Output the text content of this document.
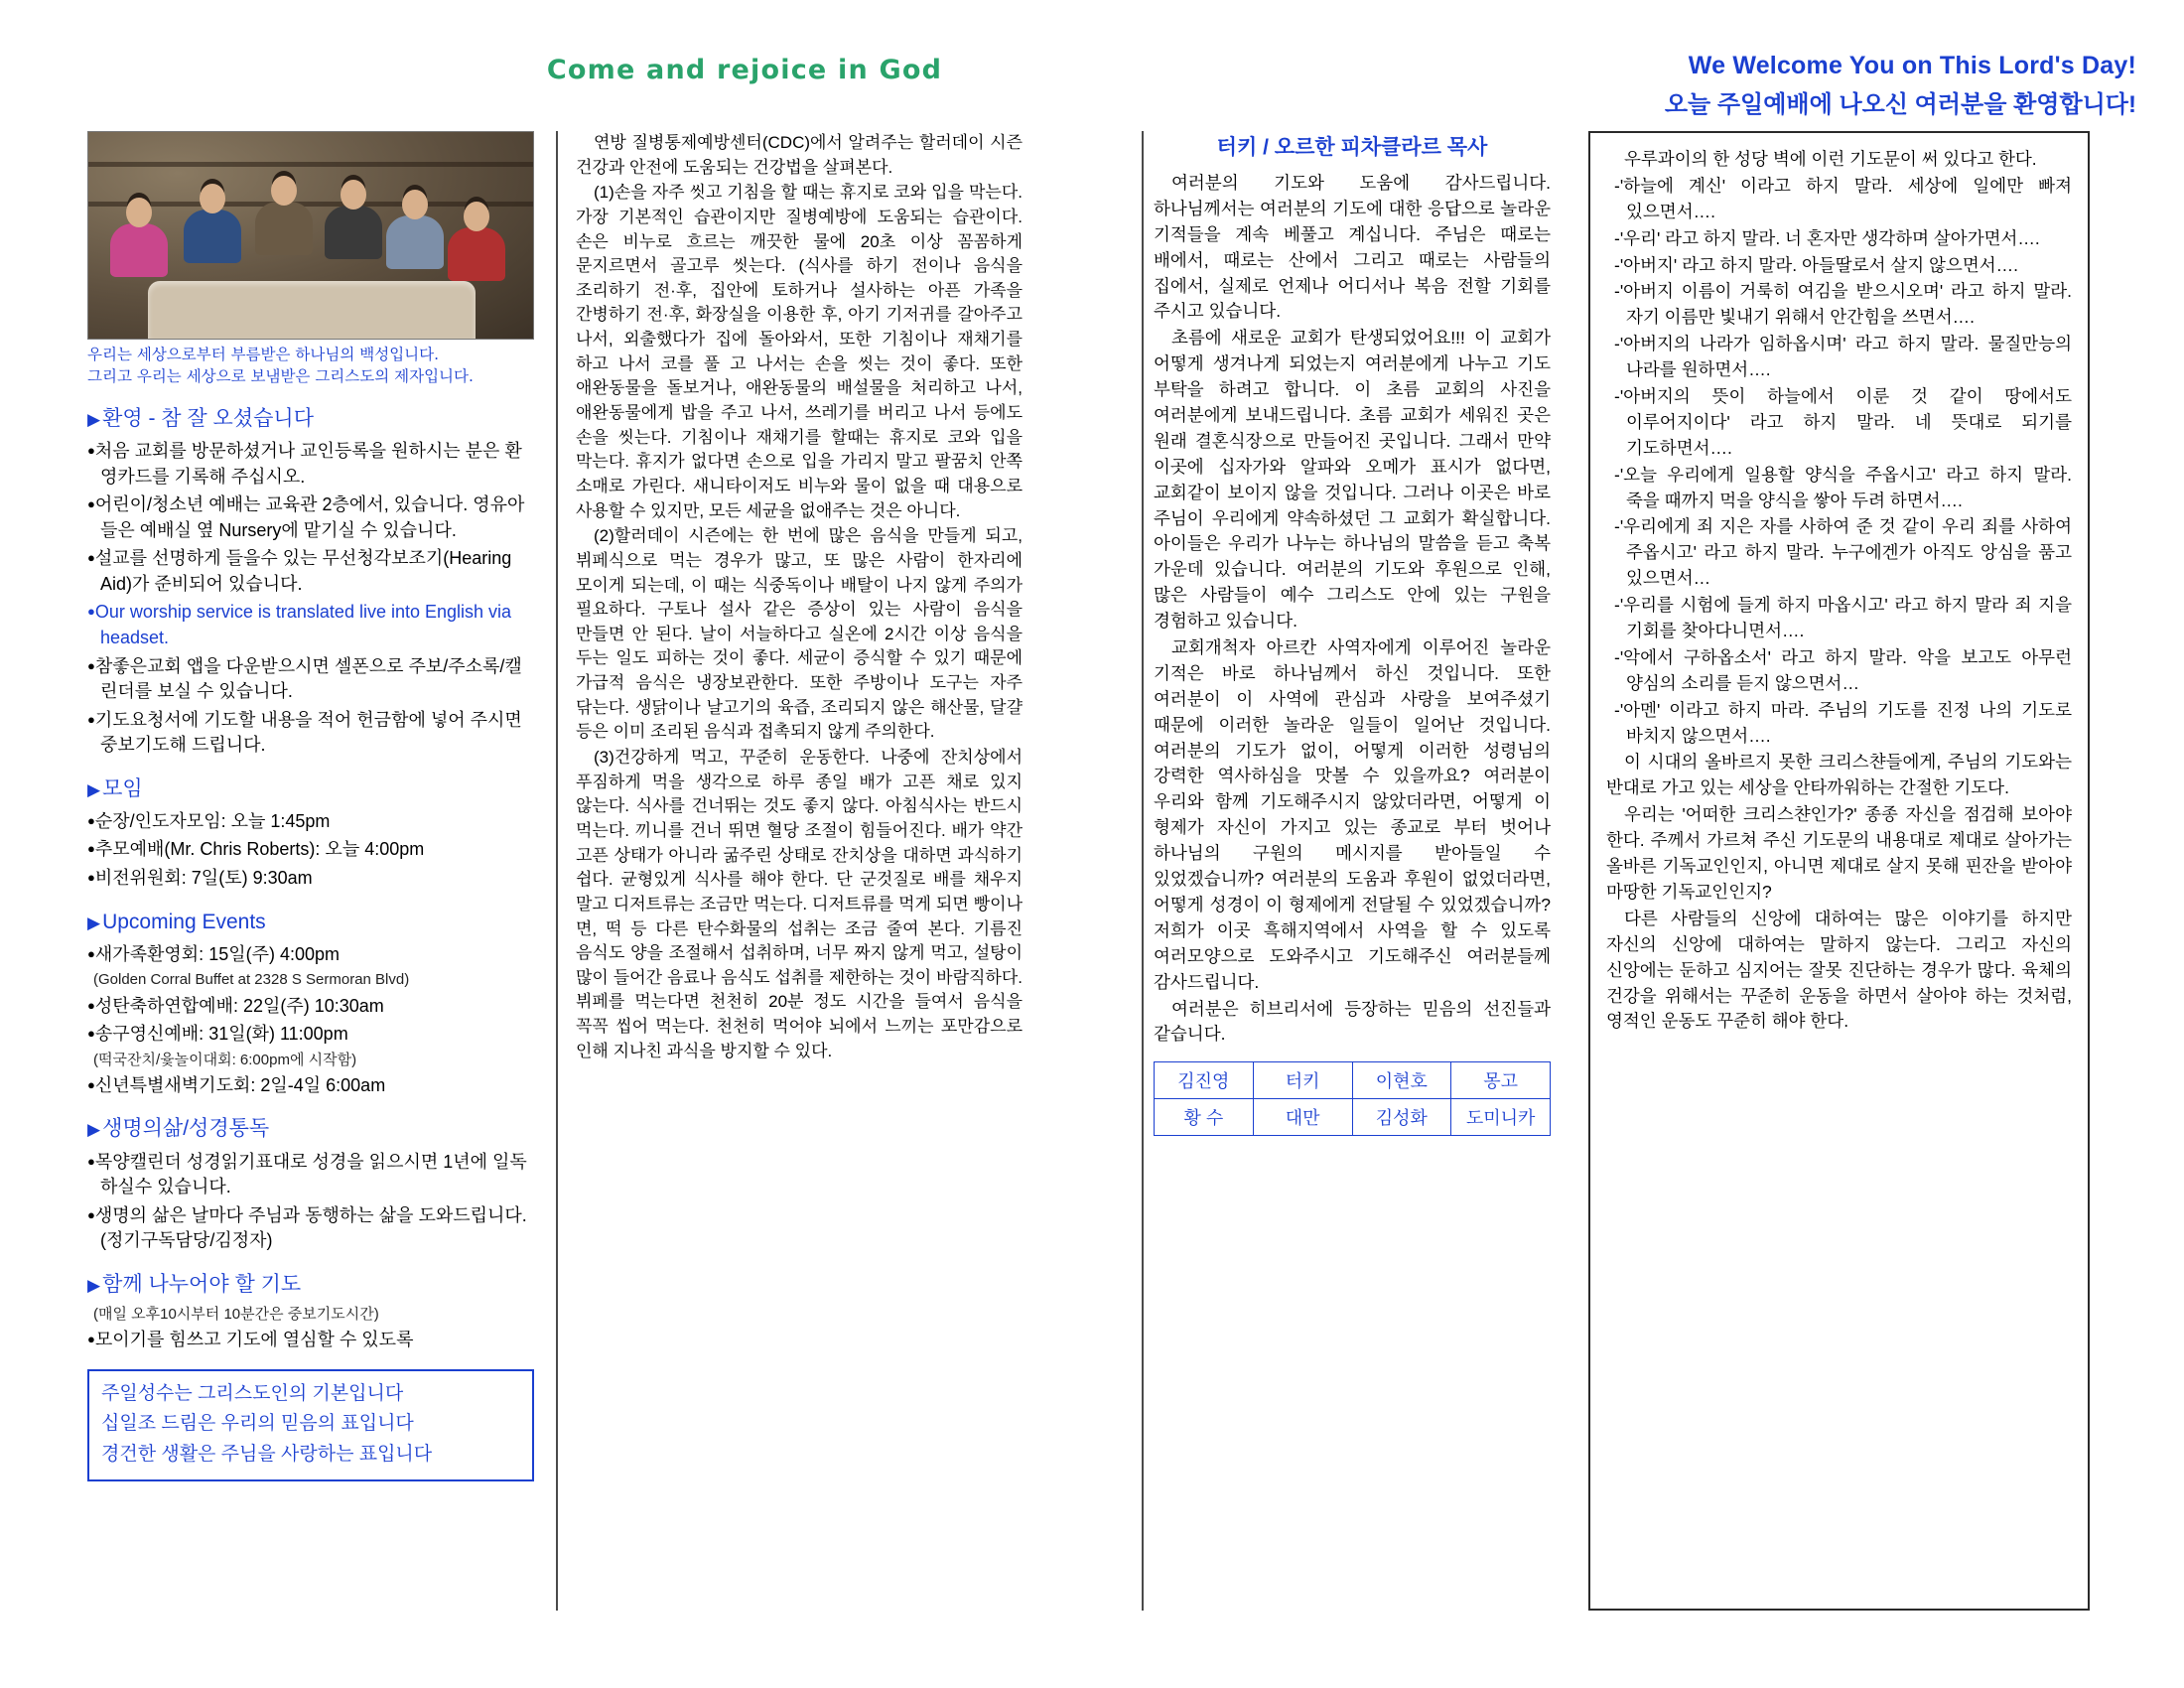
Come and rejoice in God	We Welcome You on This Lord's Day!
오늘 주일예배에 나오신 여러분을 환영합니다!
우리는 세상으로부터 부름받은 하나님의 백성입니다.
그리고 우리는 세상으로 보냄받은 그리스도의 제자입니다.
▶환영 - 참 잘 오셨습니다

●처음 교회를 방문하셨거나 교인등록을 원하시는 분은 환영카드를 기록해 주십시오.

●어린이/청소년 예배는 교육관 2층에서, 있습니다. 영유아들은 예배실 옆 Nursery에 맡기실 수 있습니다.

●설교를 선명하게 들을수 있는 무선청각보조기(Hearing Aid)가 준비되어 있습니다.

●Our worship service is translated live into English via headset.

●참좋은교회 앱을 다운받으시면 셀폰으로 주보/주소록/캘린더를 보실 수 있습니다.

●기도요청서에 기도할 내용을 적어 헌금함에 넣어 주시면 중보기도해 드립니다.

▶모임

●순장/인도자모임: 오늘 1:45pm

●추모예배(Mr. Chris Roberts): 오늘 4:00pm

●비전위원회: 7일(토) 9:30am

▶Upcoming Events

●새가족환영회: 15일(주) 4:00pm

(Golden Corral Buffet at 2328 S Sermoran Blvd)

●성탄축하연합예배: 22일(주) 10:30am

●송구영신예배: 31일(화) 11:00pm

(떡국잔치/윷놀이대회: 6:00pm에 시작함)

●신년특별새벽기도회: 2일-4일 6:00am

▶생명의삶/성경통독

●목양캘린더 성경읽기표대로 성경을 읽으시면 1년에 일독하실수 있습니다.

●생명의 삶은 날마다 주님과 동행하는 삶을 도와드립니다. (정기구독담당/김정자)

▶함께 나누어야 할 기도

(매일 오후10시부터 10분간은 중보기도시간)

●모이기를 힘쓰고 기도에 열심할 수 있도록

주일성수는 그리스도인의 기본입니다

십일조 드림은 우리의 믿음의 표입니다

경건한 생활은 주님을 사랑하는 표입니다

연방 질병통제예방센터(CDC)에서 알려주는 할러데이 시즌 건강과 안전에 도움되는 건강법을 살펴본다.

(1)손을 자주 씻고 기침을 할 때는 휴지로 코와 입을 막는다. 가장 기본적인 습관이지만 질병예방에 도움되는 습관이다. 손은 비누로 흐르는 깨끗한 물에 20초 이상 꼼꼼하게 문지르면서 골고루 씻는다. (식사를 하기 전이나 음식을 조리하기 전·후, 집안에 토하거나 설사하는 아픈 가족을 간병하기 전·후, 화장실을 이용한 후, 아기 기저귀를 갈아주고 나서, 외출했다가 집에 돌아와서, 또한 기침이나 재채기를 하고 나서 코를 풀 고 나서는 손을 씻는 것이 좋다. 또한 애완동물을 돌보거나, 애완동물의 배설물을 처리하고 나서, 애완동물에게 밥을 주고 나서, 쓰레기를 버리고 나서 등에도 손을 씻는다. 기침이나 재채기를 할때는 휴지로 코와 입을 막는다. 휴지가 없다면 손으로 입을 가리지 말고 팔꿈치 안쪽 소매로 가린다. 새니타이저도 비누와 물이 없을 때 대용으로 사용할 수 있지만, 모든 세균을 없애주는 것은 아니다.

(2)할러데이 시즌에는 한 번에 많은 음식을 만들게 되고, 뷔페식으로 먹는 경우가 많고, 또 많은 사람이 한자리에 모이게 되는데, 이 때는 식중독이나 배탈이 나지 않게 주의가 필요하다. 구토나 설사 같은 증상이 있는 사람이 음식을 만들면 안 된다. 날이 서늘하다고 실온에 2시간 이상 음식을 두는 일도 피하는 것이 좋다. 세균이 증식할 수 있기 때문에 가급적 음식은 냉장보관한다. 또한 주방이나 도구는 자주 닦는다. 생닭이나 날고기의 육즙, 조리되지 않은 해산물, 달걀 등은 이미 조리된 음식과 접촉되지 않게 주의한다.

(3)건강하게 먹고, 꾸준히 운동한다. 나중에 잔치상에서 푸짐하게 먹을 생각으로 하루 종일 배가 고픈 채로 있지 않는다. 식사를 건너뛰는 것도 좋지 않다. 아침식사는 반드시 먹는다. 끼니를 건너 뛰면 혈당 조절이 힘들어진다. 배가 약간 고픈 상태가 아니라 굶주린 상태로 잔치상을 대하면 과식하기 쉽다. 균형있게 식사를 해야 한다. 단 군것질로 배를 채우지 말고 디저트류는 조금만 먹는다. 디저트류를 먹게 되면 빵이나 면, 떡 등 다른 탄수화물의 섭취는 조금 줄여 본다. 기름진 음식도 양을 조절해서 섭취하며, 너무 짜지 않게 먹고, 설탕이 많이 들어간 음료나 음식도 섭취를 제한하는 것이 바람직하다. 뷔페를 먹는다면 천천히 20분 정도 시간을 들여서 음식을 꼭꼭 씹어 먹는다. 천천히 먹어야 뇌에서 느끼는 포만감으로 인해 지나친 과식을 방지할 수 있다.

터키 / 오르한 피차클라르 목사

여러분의 기도와 도움에 감사드립니다. 하나님께서는 여러분의 기도에 대한 응답으로 놀라운 기적들을 계속 베풀고 계십니다. 주님은 때로는 배에서, 때로는 산에서 그리고 때로는 사람들의 집에서, 실제로 언제나 어디서나 복음 전할 기회를 주시고 있습니다.

초름에 새로운 교회가 탄생되었어요!!! 이 교회가 어떻게 생겨나게 되었는지 여러분에게 나누고 기도 부탁을 하려고 합니다. 이 초름 교회의 사진을 여러분에게 보내드립니다. 초름 교회가 세워진 곳은 원래 결혼식장으로 만들어진 곳입니다. 그래서 만약 이곳에 십자가와 알파와 오메가 표시가 없다면, 교회같이 보이지 않을 것입니다. 그러나 이곳은 바로 주님이 우리에게 약속하셨던 그 교회가 확실합니다. 아이들은 우리가 나누는 하나님의 말씀을 듣고 축복 가운데 있습니다. 여러분의 기도와 후원으로 인해, 많은 사람들이 예수 그리스도 안에 있는 구원을 경험하고 있습니다.

교회개척자 아르칸 사역자에게 이루어진 놀라운 기적은 바로 하나님께서 하신 것입니다. 또한 여러분이 이 사역에 관심과 사랑을 보여주셨기 때문에 이러한 놀라운 일들이 일어난 것입니다. 여러분의 기도가 없이, 어떻게 이러한 성령님의 강력한 역사하심을 맛볼 수 있을까요? 여러분이 우리와 함께 기도해주시지 않았더라면, 어떻게 이 형제가 자신이 가지고 있는 종교로 부터 벗어나 하나님의 구원의 메시지를 받아들일 수 있었겠습니까? 여러분의 도움과 후원이 없었더라면, 어떻게 성경이 이 형제에게 전달될 수 있었겠습니까? 저희가 이곳 흑해지역에서 사역을 할 수 있도록 여러모양으로 도와주시고 기도해주신 여러분들께 감사드립니다.

여러분은 히브리서에 등장하는 믿음의 선진들과 같습니다.

김진영	터키	이현호	몽고
황 수	대만	김성화	도미니카

우루과이의 한 성당 벽에 이런 기도문이 써 있다고 한다.

-'하늘에 계신' 이라고 하지 말라. 세상에 일에만 빠져 있으면서….

-'우리' 라고 하지 말라. 너 혼자만 생각하며 살아가면서….

-'아버지' 라고 하지 말라. 아들딸로서 살지 않으면서….

-'아버지 이름이 거룩히 여김을 받으시오며' 라고 하지 말라. 자기 이름만 빛내기 위해서 안간힘을 쓰면서….

-'아버지의 나라가 임하옵시며' 라고 하지 말라. 물질만능의 나라를 원하면서….

-'아버지의 뜻이 하늘에서 이룬 것 같이 땅에서도 이루어지이다' 라고 하지 말라. 네 뜻대로 되기를 기도하면서….

-'오늘 우리에게 일용할 양식을 주옵시고' 라고 하지 말라. 죽을 때까지 먹을 양식을 쌓아 두려 하면서….

-'우리에게 죄 지은 자를 사하여 준 것 같이 우리 죄를 사하여 주옵시고' 라고 하지 말라. 누구에겐가 아직도 앙심을 품고 있으면서…

-'우리를 시험에 들게 하지 마옵시고' 라고 하지 말라 죄 지을 기회를 찾아다니면서….

-'악에서 구하옵소서' 라고 하지 말라. 악을 보고도 아무런 양심의 소리를 듣지 않으면서…

-'아멘' 이라고 하지 마라. 주님의 기도를 진정 나의 기도로 바치지 않으면서….

이 시대의 올바르지 못한 크리스챤들에게, 주님의 기도와는 반대로 가고 있는 세상을 안타까워하는 간절한 기도다.

우리는 '어떠한 크리스챤인가?' 종종 자신을 점검해 보아야 한다. 주께서 가르쳐 주신 기도문의 내용대로 제대로 살아가는 올바른 기독교인인지, 아니면 제대로 살지 못해 핀잔을 받아야 마땅한 기독교인인지?

다른 사람들의 신앙에 대하여는 많은 이야기를 하지만 자신의 신앙에 대하여는 말하지 않는다. 그리고 자신의 신앙에는 둔하고 심지어는 잘못 진단하는 경우가 많다. 육체의 건강을 위해서는 꾸준히 운동을 하면서 살아야 하는 것처럼, 영적인 운동도 꾸준히 해야 한다.
